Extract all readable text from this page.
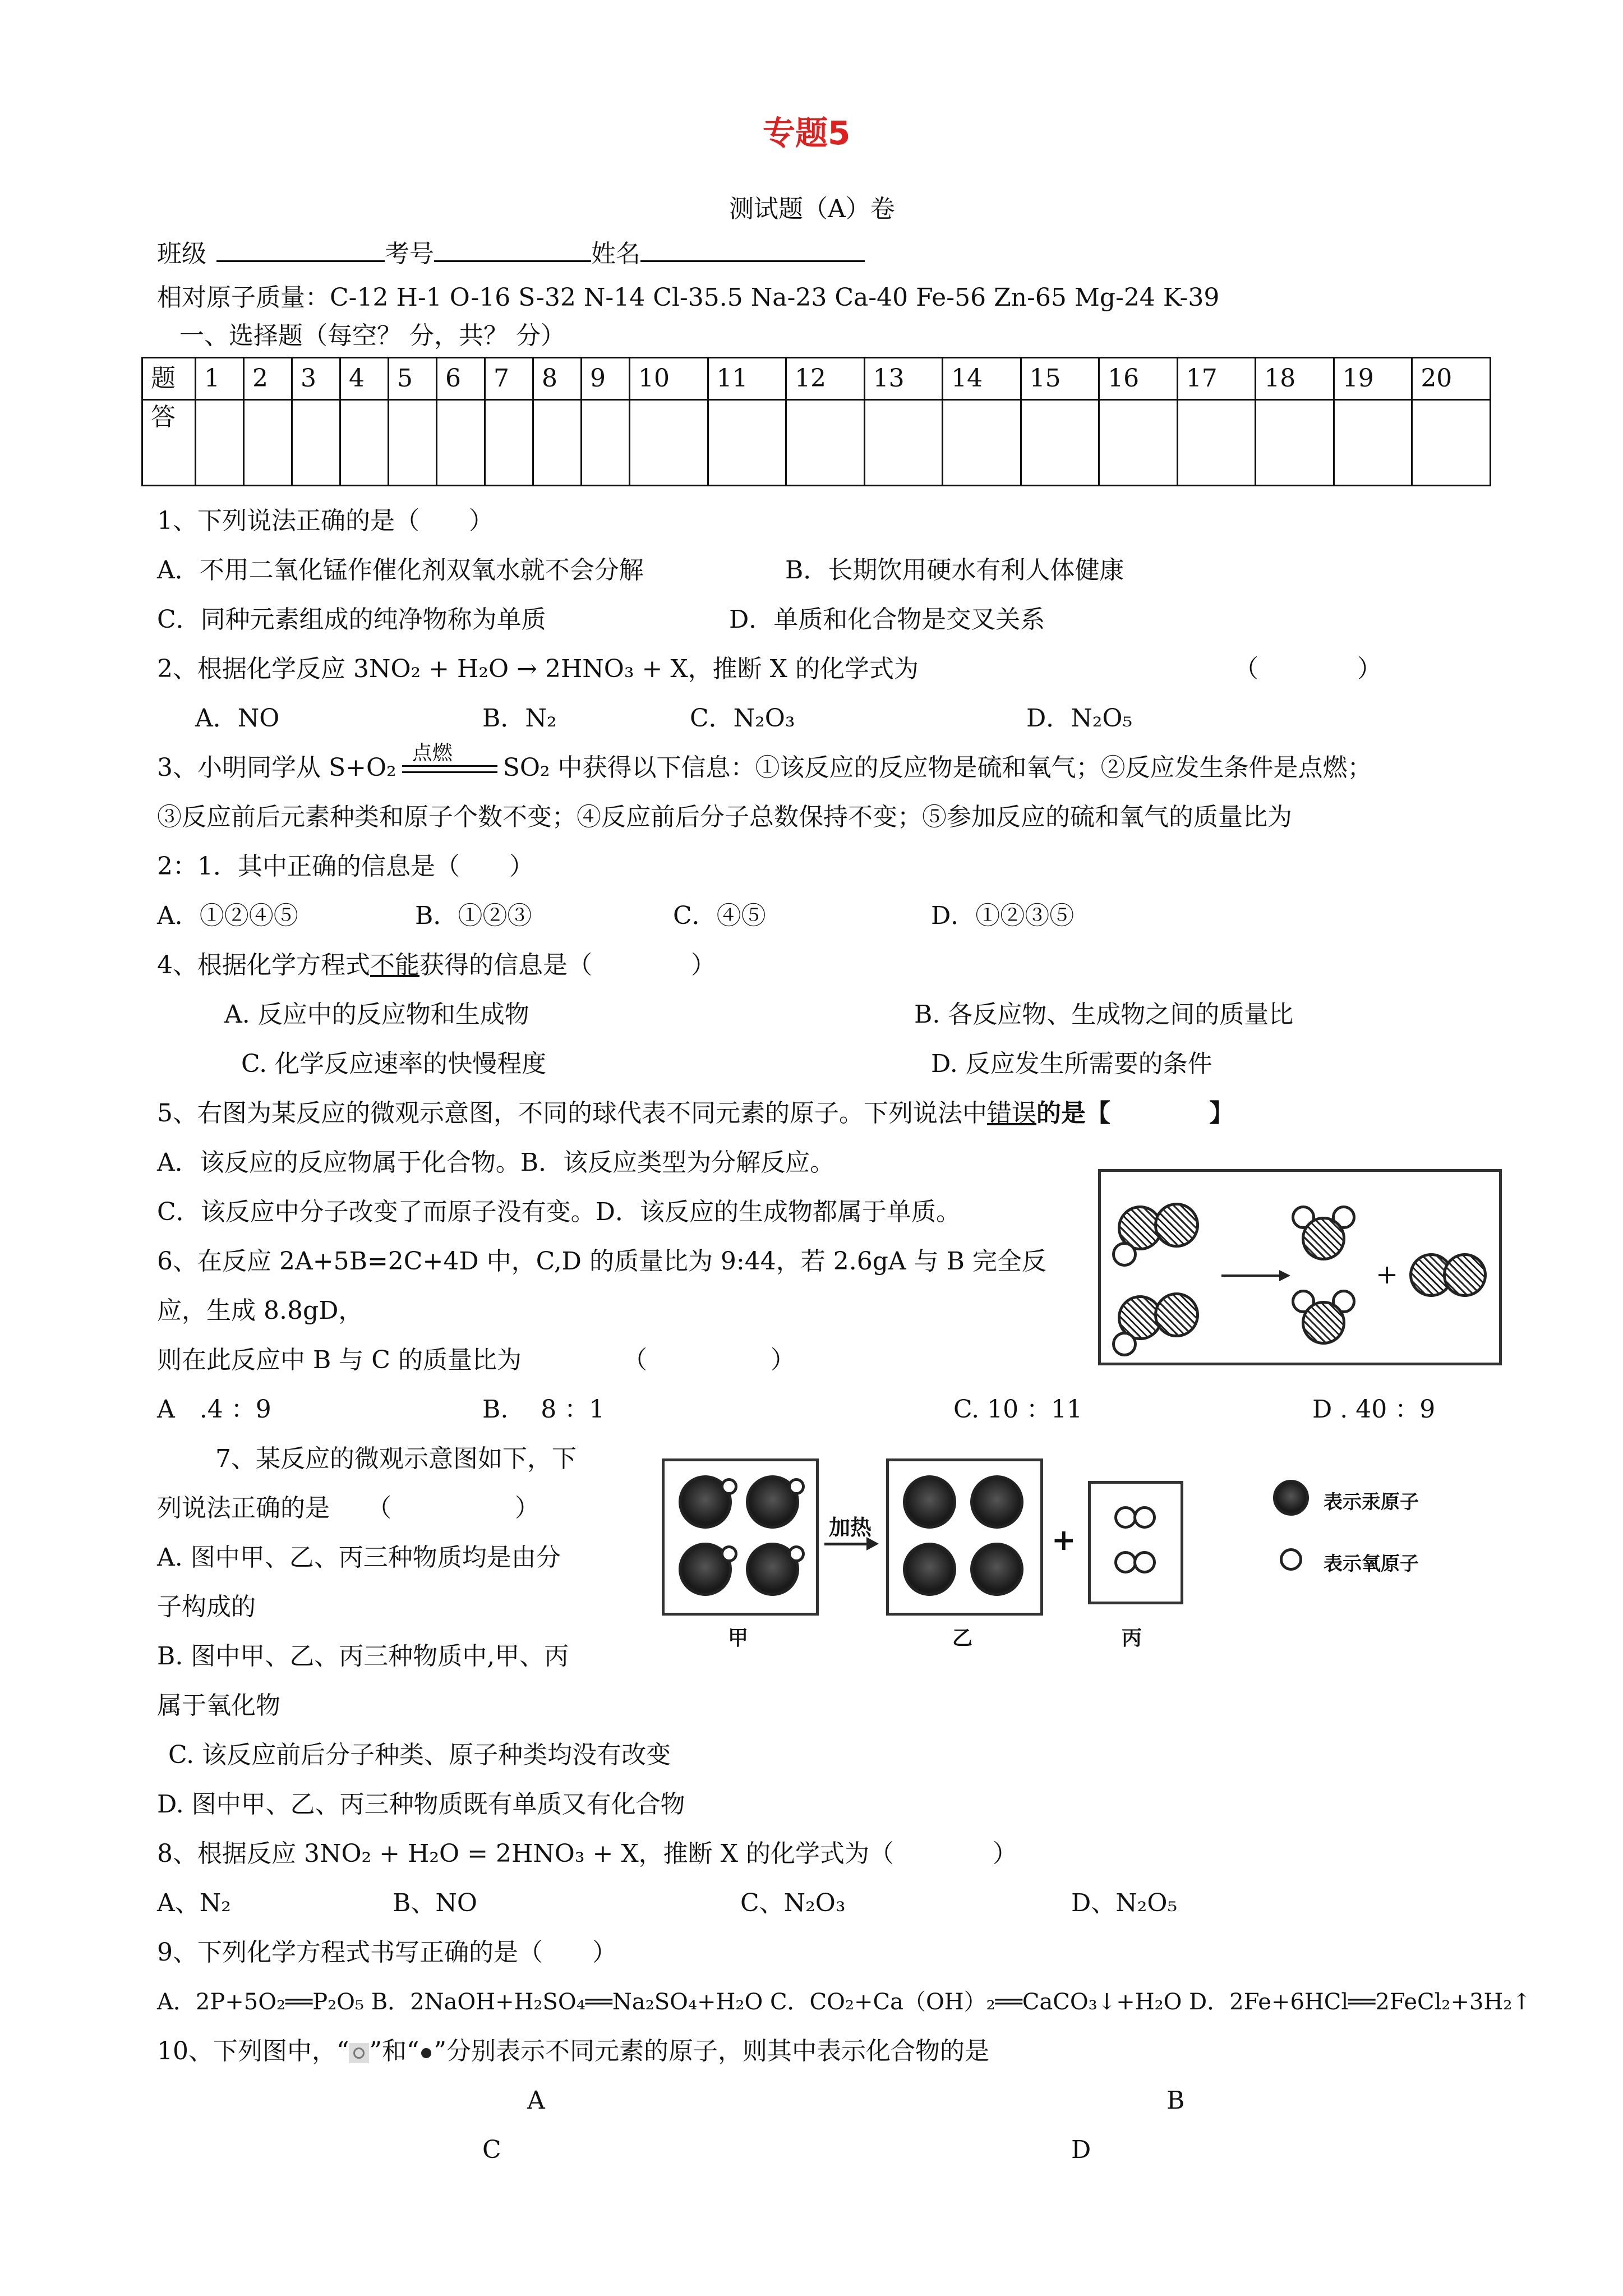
专题5
测试题（A）卷
班级	考号	姓名
相对原子质量：C-12 H-1 O-16 S-32 N-14 Cl-35.5 Na-23 Ca-40 Fe-56 Zn-65 Mg-24 K-39
一、选择题（每空？ 分，共？ 分）
题	1	2	3	4	5	6	7	8	9	10	11	12	13	14	15	16	17	18	19	20
答																				
1、下列说法正确的是（　　）
A．不用二氧化锰作催化剂双氧水就不会分解	B．长期饮用硬水有利人体健康
C．同种元素组成的纯净物称为单质	D．单质和化合物是交叉关系
2、根据化学反应 3NO₂ + H₂O → 2HNO₃ + X，推断 X 的化学式为	（　　　　）
A．NO	B．N₂	C．N₂O₃	D．N₂O₅
3、小明同学从 S+O₂
点燃
SO₂ 中获得以下信息：①该反应的反应物是硫和氧气；②反应发生条件是点燃；
③反应前后元素种类和原子个数不变；④反应前后分子总数保持不变；⑤参加反应的硫和氧气的质量比为
2：1．其中正确的信息是（　　）
A．①②④⑤	B．①②③	C．④⑤	D．①②③⑤
4、根据化学方程式不能获得的信息是（　　　　）
A. 反应中的反应物和生成物	B. 各反应物、生成物之间的质量比
C. 化学反应速率的快慢程度	D. 反应发生所需要的条件
5、右图为某反应的微观示意图，不同的球代表不同元素的原子。下列说法中错误的是【　　　　】
A．该反应的反应物属于化合物。B．该反应类型为分解反应。
C．该反应中分子改变了而原子没有变。D．该反应的生成物都属于单质。
+
6、在反应 2A+5B=2C+4D 中，C,D 的质量比为 9:44，若 2.6gA 与 B 完全反
应，生成 8.8gD，
则在此反应中 B 与 C 的质量比为	（　　　　　）
A　.4 ：9	B.　 8 ：1	C. 10 ：11	D . 40 ：9
7、某反应的微观示意图如下，下
列说法正确的是　　（　　　　　）
A. 图中甲、乙、丙三种物质均是由分
子构成的
B. 图中甲、乙、丙三种物质中,甲、丙
属于氧化物
C. 该反应前后分子种类、原子种类均没有改变
D. 图中甲、乙、丙三种物质既有单质又有化合物
加热	+
甲	乙	丙
表示汞原子
表示氧原子
8、根据反应 3NO₂ + H₂O = 2HNO₃ + X，推断 X 的化学式为（　　　　）
A、N₂	B、NO	C、N₂O₃	D、N₂O₅
9、下列化学方程式书写正确的是（　　）
A．2P+5O₂══P₂O₅ B．2NaOH+H₂SO₄══Na₂SO₄+H₂O C．CO₂+Ca（OH）₂══CaCO₃↓+H₂O D．2Fe+6HCl══2FeCl₂+3H₂↑
10、下列图中，“ ”和“ ”分别表示不同元素的原子，则其中表示化合物的是
A	B
C	D
